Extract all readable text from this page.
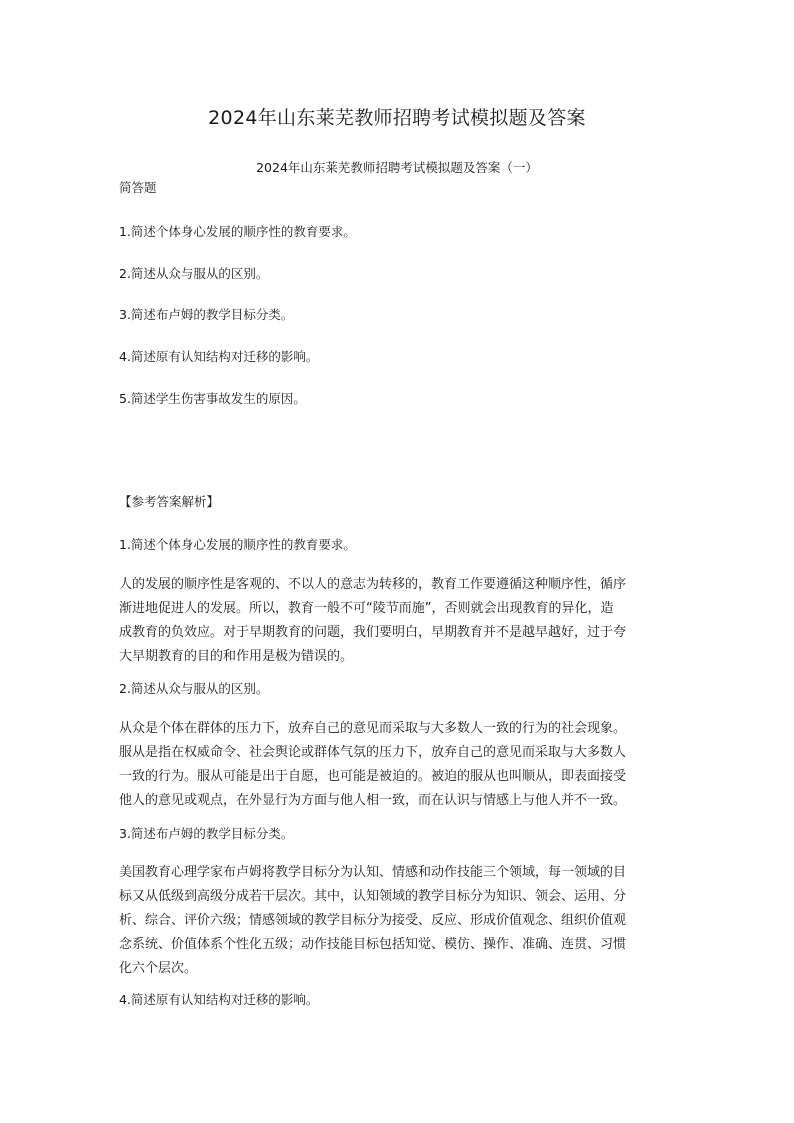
2024年山东莱芜教师招聘考试模拟题及答案
2024年山东莱芜教师招聘考试模拟题及答案（一）
简答题
1.简述个体身心发展的顺序性的教育要求。
2.简述从众与服从的区别。
3.简述布卢姆的教学目标分类。
4.简述原有认知结构对迁移的影响。
5.简述学生伤害事故发生的原因。
【参考答案解析】
1.简述个体身心发展的顺序性的教育要求。
人的发展的顺序性是客观的、不以人的意志为转移的，教育工作要遵循这种顺序性，循序
渐进地促进人的发展。所以，教育一般不可“陵节而施”，否则就会出现教育的异化，造
成教育的负效应。对于早期教育的问题，我们要明白，早期教育并不是越早越好，过于夸
大早期教育的目的和作用是极为错误的。
2.简述从众与服从的区别。
从众是个体在群体的压力下，放弃自己的意见而采取与大多数人一致的行为的社会现象。
服从是指在权威命令、社会舆论或群体气氛的压力下，放弃自己的意见而采取与大多数人
一致的行为。服从可能是出于自愿，也可能是被迫的。被迫的服从也叫顺从，即表面接受
他人的意见或观点，在外显行为方面与他人相一致，而在认识与情感上与他人并不一致。
3.简述布卢姆的教学目标分类。
美国教育心理学家布卢姆将教学目标分为认知、情感和动作技能三个领域，每一领域的目
标又从低级到高级分成若干层次。其中，认知领域的教学目标分为知识、领会、运用、分
析、综合、评价六级；情感领域的教学目标分为接受、反应、形成价值观念、组织价值观
念系统、价值体系个性化五级；动作技能目标包括知觉、模仿、操作、准确、连贯、习惯
化六个层次。
4.简述原有认知结构对迁移的影响。
